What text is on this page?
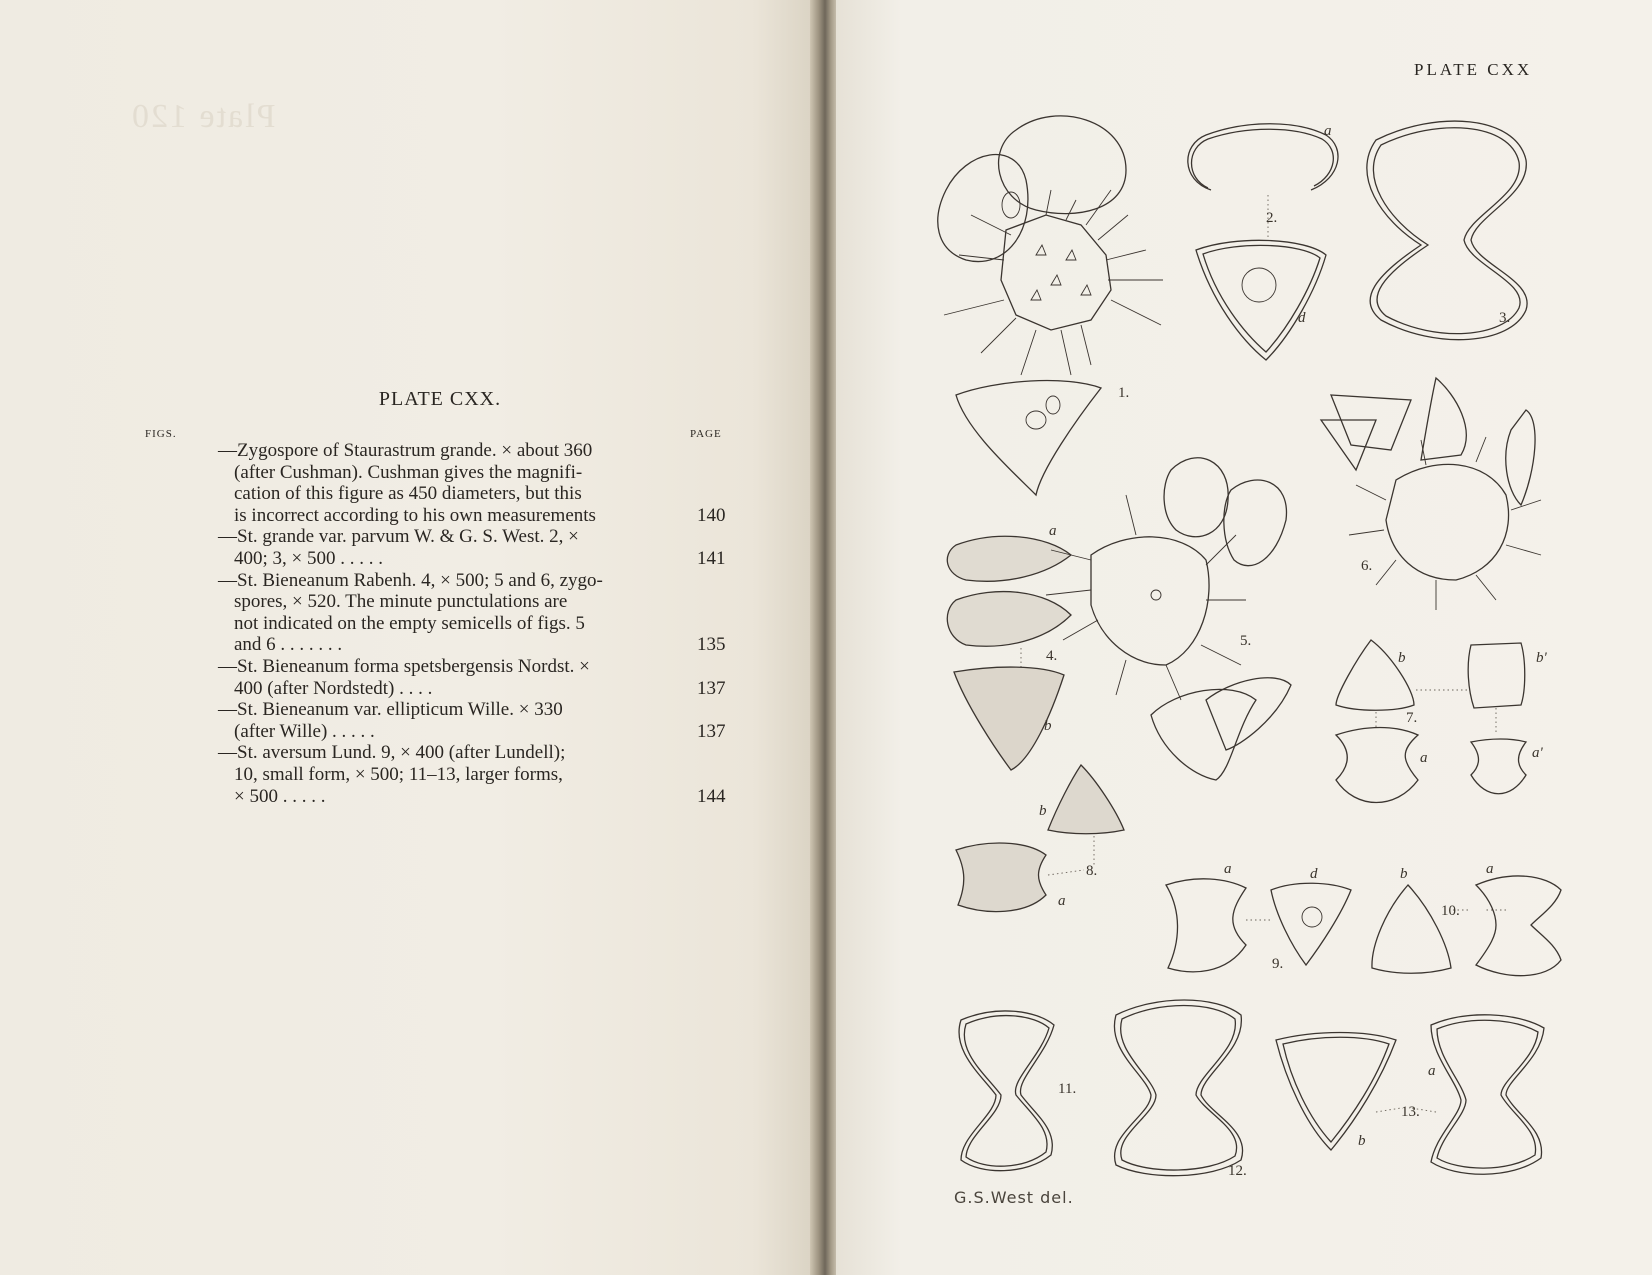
Plate 120
PLATE CXX.
FIGS.	PAGE
—Zygospore of Staurastrum grande. × about 360
(after Cushman). Cushman gives the magnifi-
cation of this figure as 450 diameters, but this
is incorrect according to his own measurements	140
—St. grande var. parvum W. & G. S. West. 2, ×
400; 3, × 500 . . . . .	141
—St. Bieneanum Rabenh. 4, × 500; 5 and 6, zygo-
spores, × 520. The minute punctulations are
not indicated on the empty semicells of figs. 5
and 6 . . . . . . .	135
—St. Bieneanum forma spetsbergensis Nordst. ×
400 (after Nordstedt) . . . .	137
—St. Bieneanum var. ellipticum Wille. × 330
(after Wille) . . . . .	137
—St. aversum Lund. 9, × 400 (after Lundell);
10, small form, × 500; 11–13, larger forms,
× 500 . . . . .	144
PLATE CXX
G.S.West del.
1.
a
2.
d	3.
a
4.
b
5.
6.
b	b'
7.
a	a'
b
8.
a
a	d
9.
b	a
10.
11.
12.
a
13.
b
